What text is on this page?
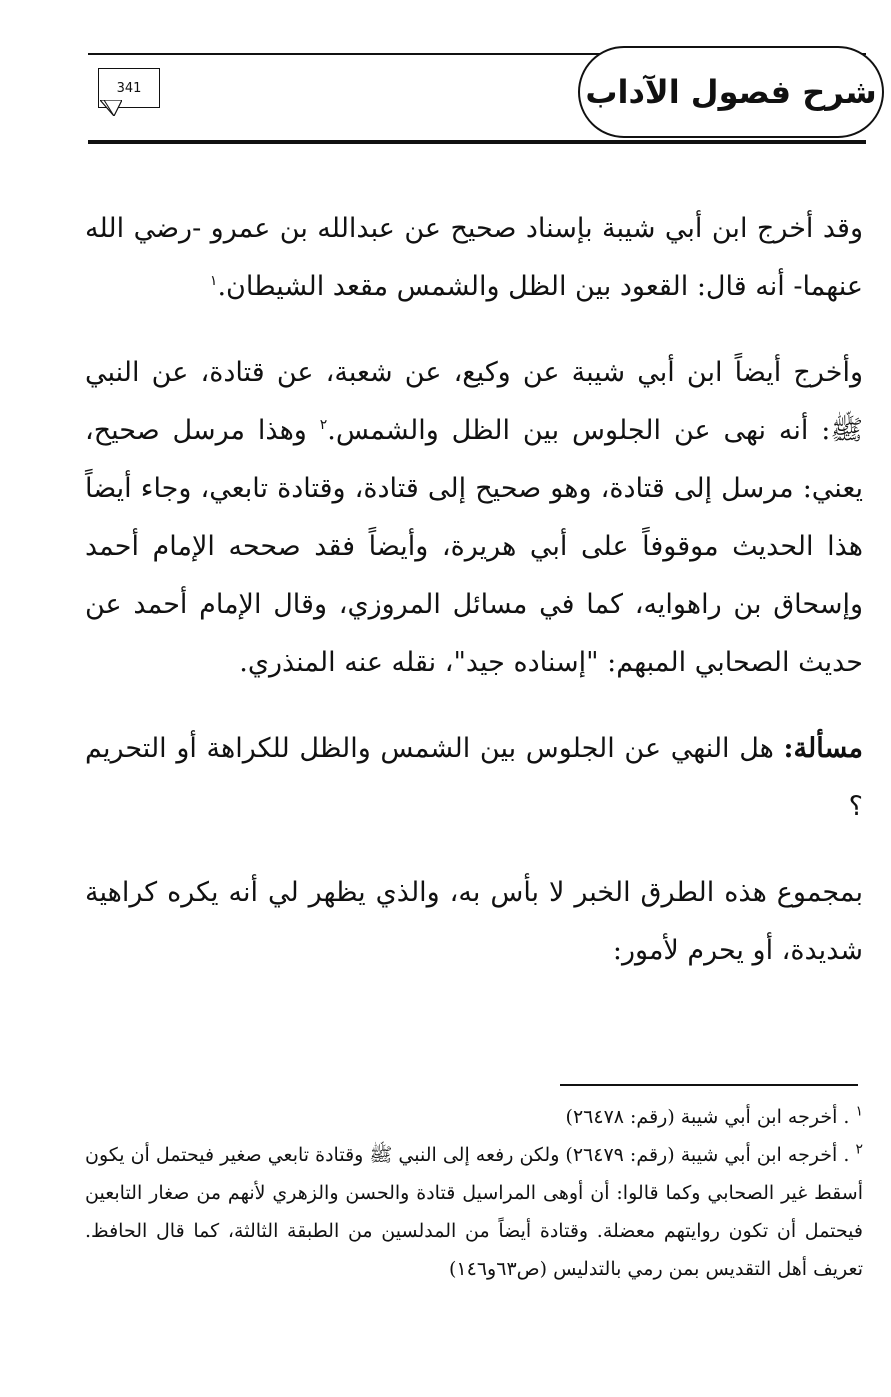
شرح فصول الآداب
341

وقد أخرج ابن أبي شيبة بإسناد صحيح عن عبدالله بن عمرو -رضي الله عنهما- أنه قال: القعود بين الظل والشمس مقعد الشيطان.$^١$

وأخرج أيضاً ابن أبي شيبة عن وكيع، عن شعبة، عن قتادة، عن النبي ﷺ: أنه نهى عن الجلوس بين الظل والشمس.$^٢$ وهذا مرسل صحيح، يعني: مرسل إلى قتادة، وهو صحيح إلى قتادة، وقتادة تابعي، وجاء أيضاً هذا الحديث موقوفاً على أبي هريرة، وأيضاً فقد صححه الإمام أحمد وإسحاق بن راهوايه، كما في مسائل المروزي، وقال الإمام أحمد عن حديث الصحابي المبهم: "إسناده جيد"، نقله عنه المنذري.

مسألة: هل النهي عن الجلوس بين الشمس والظل للكراهة أو التحريم ؟

بمجموع هذه الطرق الخبر لا بأس به، والذي يظهر لي أنه يكره كراهية شديدة، أو يحرم لأمور:

$^١$ . أخرجه ابن أبي شيبة (رقم: ٢٦٤٧٨)

$^٢$ . أخرجه ابن أبي شيبة (رقم: ٢٦٤٧٩) ولكن رفعه إلى النبي ﷺ وقتادة تابعي صغير فيحتمل أن يكون أسقط غير الصحابي وكما قالوا: أن أوهى المراسيل قتادة والحسن والزهري لأنهم من صغار التابعين فيحتمل أن تكون روايتهم معضلة. وقتادة أيضاً من المدلسين من الطبقة الثالثة، كما قال الحافظ. تعريف أهل التقديس بمن رمي بالتدليس (ص٦٣و١٤٦)
